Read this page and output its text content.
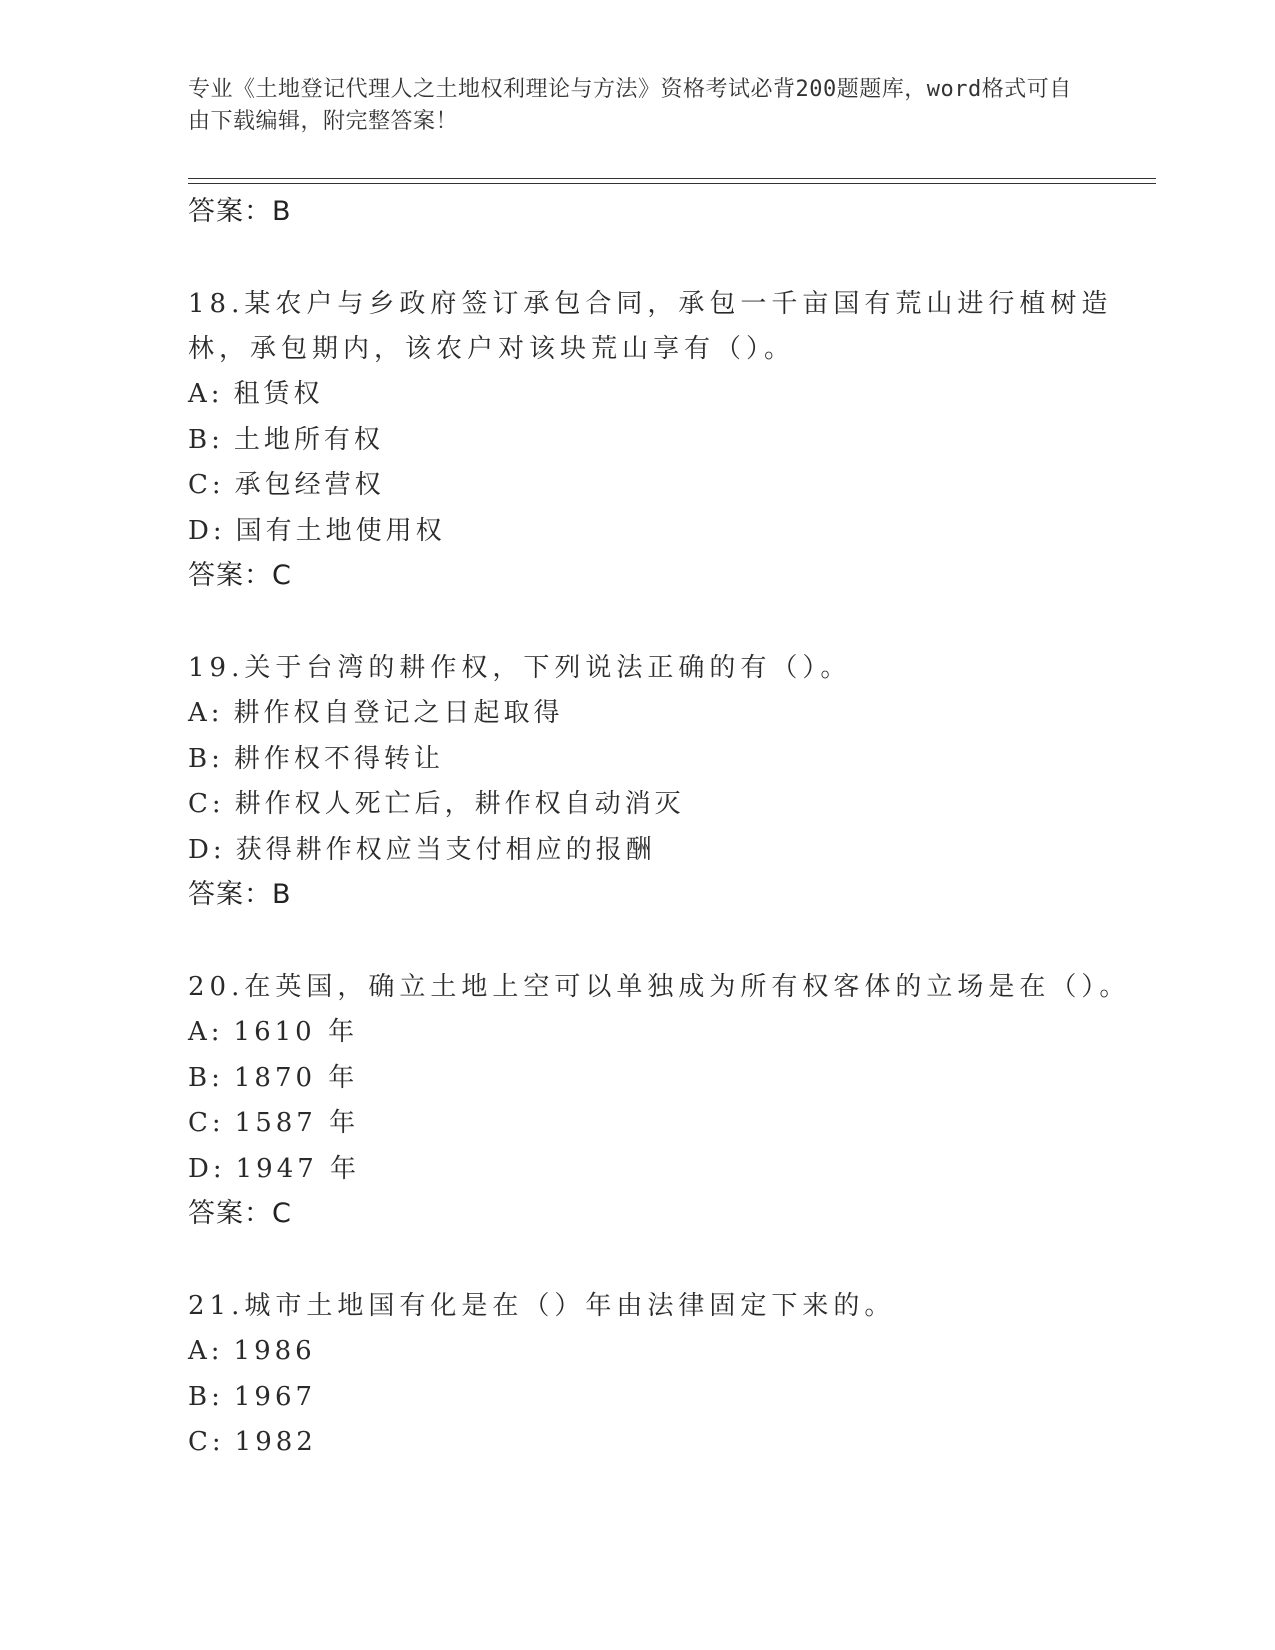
专业《土地登记代理人之土地权利理论与方法》资格考试必背200题题库，word格式可自由下载编辑，附完整答案！
答案：B
18.某农户与乡政府签订承包合同，承包一千亩国有荒山进行植树造林，承包期内，该农户对该块荒山享有（）。
A: 租赁权
B: 土地所有权
C: 承包经营权
D: 国有土地使用权
答案：C
19.关于台湾的耕作权，下列说法正确的有（）。
A: 耕作权自登记之日起取得
B: 耕作权不得转让
C: 耕作权人死亡后，耕作权自动消灭
D: 获得耕作权应当支付相应的报酬
答案：B
20.在英国，确立土地上空可以单独成为所有权客体的立场是在（）。
A: 1610 年
B: 1870 年
C: 1587 年
D: 1947 年
答案：C
21.城市土地国有化是在（）年由法律固定下来的。
A: 1986
B: 1967
C: 1982
